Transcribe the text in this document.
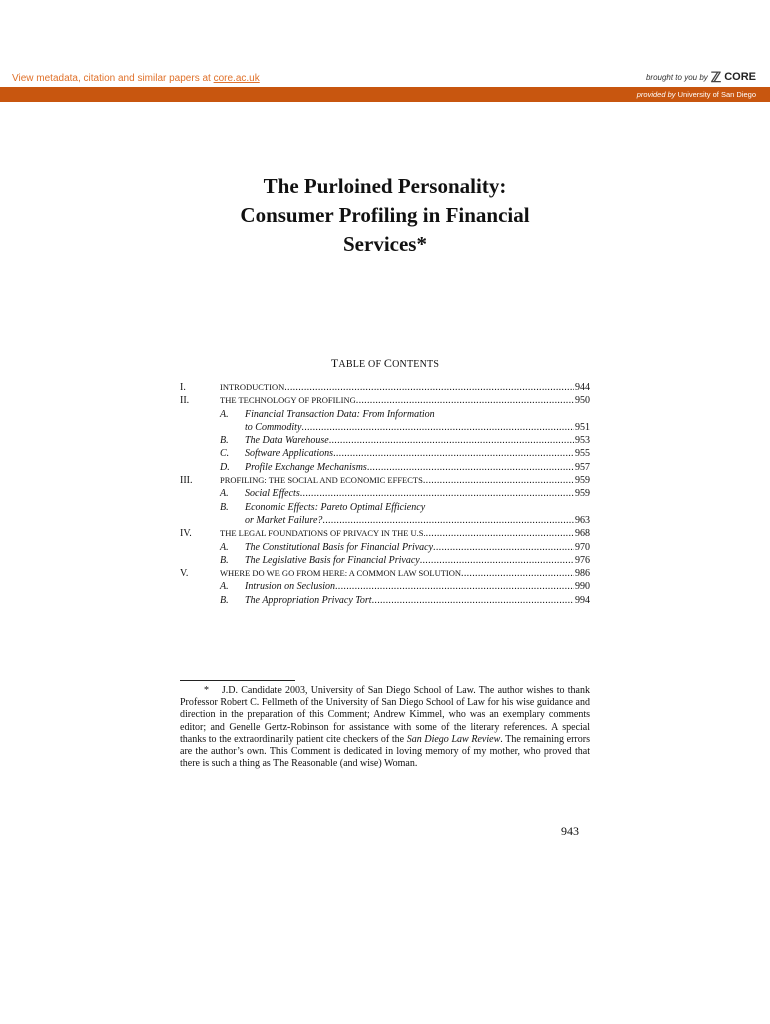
View metadata, citation and similar papers at core.ac.uk	brought to you by ℤ CORE
provided by University of San Diego
The Purloined Personality:
Consumer Profiling in Financial
Services*
TABLE OF CONTENTS
I.	INTRODUCTION .....	944
II.	THE TECHNOLOGY OF PROFILING .....	950
A.	Financial Transaction Data: From Information
to Commodity .....	951
B.	The Data Warehouse .....	953
C.	Software Applications .....	955
D.	Profile Exchange Mechanisms .....	957
III.	PROFILING: THE SOCIAL AND ECONOMIC EFFECTS .....	959
A.	Social Effects .....	959
B.	Economic Effects: Pareto Optimal Efficiency
or Market Failure? .....	963
IV.	THE LEGAL FOUNDATIONS OF PRIVACY IN THE U.S. .....	968
A.	The Constitutional Basis for Financial Privacy .....	970
B.	The Legislative Basis for Financial Privacy .....	976
V.	WHERE DO WE GO FROM HERE: A COMMON LAW SOLUTION .....	986
A.	Intrusion on Seclusion .....	990
B.	The Appropriation Privacy Tort .....	994
* J.D. Candidate 2003, University of San Diego School of Law. The author wishes to thank Professor Robert C. Fellmeth of the University of San Diego School of Law for his wise guidance and direction in the preparation of this Comment; Andrew Kimmel, who was an exemplary comments editor; and Genelle Gertz-Robinson for assistance with some of the literary references. A special thanks to the extraordinarily patient cite checkers of the San Diego Law Review. The remaining errors are the author’s own. This Comment is dedicated in loving memory of my mother, who proved that there is such a thing as The Reasonable (and wise) Woman.
943
